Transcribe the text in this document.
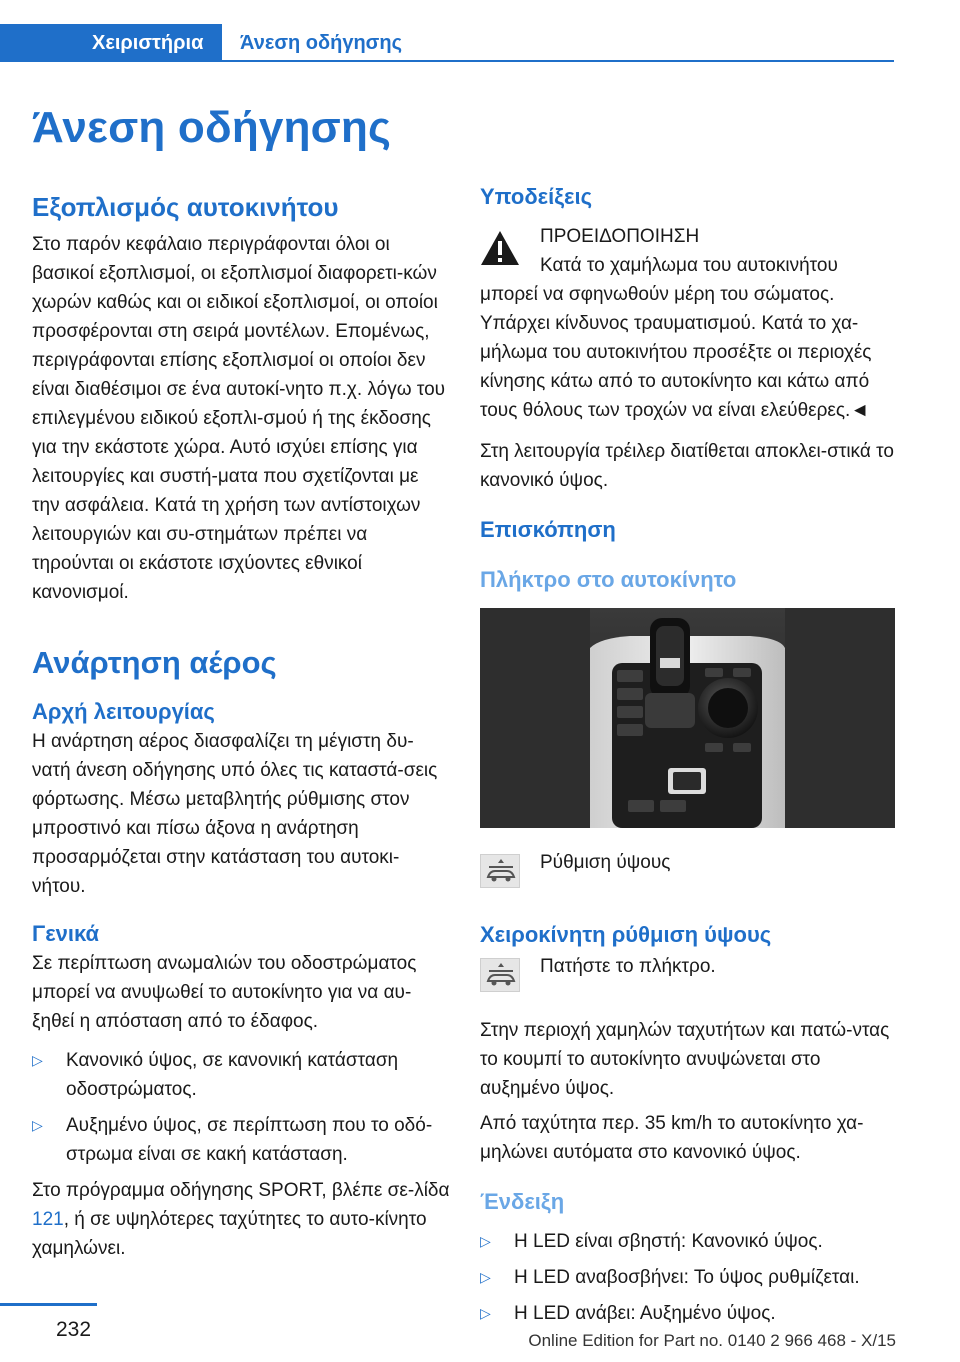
Χειριστήρια	Άνεση οδήγησης
Άνεση οδήγησης
Εξοπλισμός αυτοκινήτου

Στο παρόν κεφάλαιο περιγράφονται όλοι οι βασικοί εξοπλισμοί, οι εξοπλισμοί διαφορετι-κών χωρών καθώς και οι ειδικοί εξοπλισμοί, οι οποίοι προσφέρονται στη σειρά μοντέλων. Επομένως, περιγράφονται επίσης εξοπλισμοί οι οποίοι δεν είναι διαθέσιμοι σε ένα αυτοκί-νητο π.χ. λόγω του επιλεγμένου ειδικού εξοπλι-σμού ή της έκδοσης για την εκάστοτε χώρα. Αυτό ισχύει επίσης για λειτουργίες και συστή-ματα που σχετίζονται με την ασφάλεια. Κατά τη χρήση των αντίστοιχων λειτουργιών και συ-στημάτων πρέπει να τηρούνται οι εκάστοτε ισχύοντες εθνικοί κανονισμοί.

Ανάρτηση αέρος
Αρχή λειτουργίας

Η ανάρτηση αέρος διασφαλίζει τη μέγιστη δυ-νατή άνεση οδήγησης υπό όλες τις καταστά-σεις φόρτωσης. Μέσω μεταβλητής ρύθμισης στον μπροστινό και πίσω άξονα η ανάρτηση προσαρμόζεται στην κατάσταση του αυτοκι-νήτου.

Γενικά

Σε περίπτωση ανωμαλιών του οδοστρώματος μπορεί να ανυψωθεί το αυτοκίνητο για να αυ-ξηθεί η απόσταση από το έδαφος.

▷ Κανονικό ύψος, σε κανονική κατάσταση οδοστρώματος.
▷ Αυξημένο ύψος, σε περίπτωση που το οδό-στρωμα είναι σε κακή κατάσταση.

Στο πρόγραμμα οδήγησης SPORT, βλέπε σε-λίδα 121, ή σε υψηλότερες ταχύτητες το αυτο-κίνητο χαμηλώνει.

Υποδείξεις
ΠΡΟΕΙΔΟΠΟΙΗΣΗ
Κατά το χαμήλωμα του αυτοκινήτου

μπορεί να σφηνωθούν μέρη του σώματος. Υπάρχει κίνδυνος τραυματισμού. Κατά το χα-μήλωμα του αυτοκινήτου προσέξτε οι περιοχές κίνησης κάτω από το αυτοκίνητο και κάτω από τους θόλους των τροχών να είναι ελεύθερες.◄

Στη λειτουργία τρέιλερ διατίθεται αποκλει-στικά το κανονικό ύψος.

Επισκόπηση
Πλήκτρο στο αυτοκίνητο
Ρύθμιση ύψους
Χειροκίνητη ρύθμιση ύψους
Πατήστε το πλήκτρο.

Στην περιοχή χαμηλών ταχυτήτων και πατώ-ντας το κουμπί το αυτοκίνητο ανυψώνεται στο αυξημένο ύψος.

Από ταχύτητα περ. 35 km/h το αυτοκίνητο χα-μηλώνει αυτόματα στο κανονικό ύψος.

Ένδειξη
▷ Η LED είναι σβηστή: Κανονικό ύψος.
▷ Η LED αναβοσβήνει: Το ύψος ρυθμίζεται.
▷ Η LED ανάβει: Αυξημένο ύψος.
232	Online Edition for Part no. 0140 2 966 468 - X/15
